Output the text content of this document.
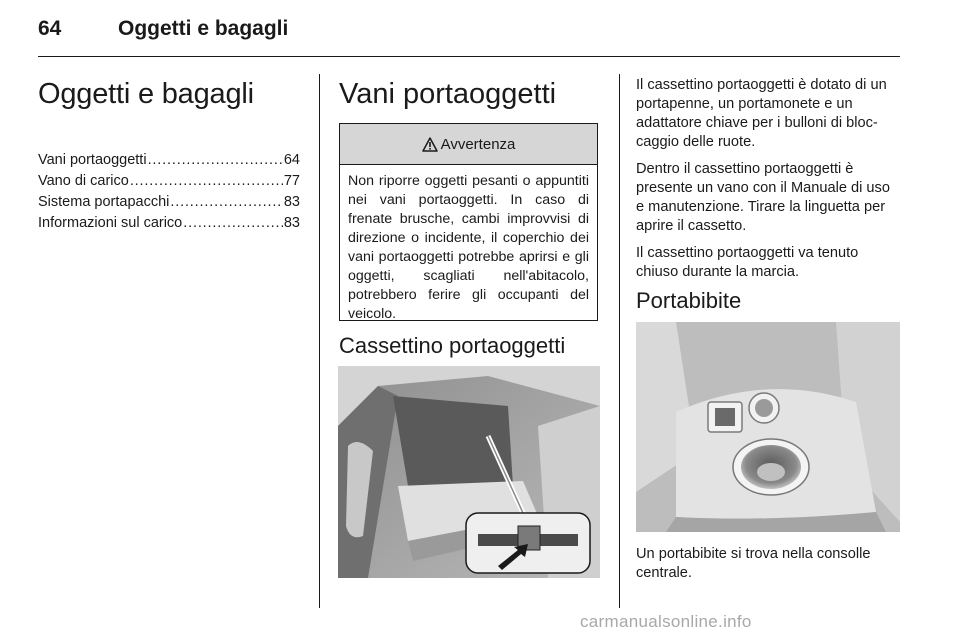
64	Oggetti e bagagli
Oggetti e bagagli
Vani portaoggetti . . .	64
Vano di carico . . .	77
Sistema portapacchi . . .	83
Informazioni sul carico . . .	83
Vani portaoggetti
Avvertenza
Non riporre oggetti pesanti o appuntiti nei vani portaoggetti. In caso di frenate brusche, cambi improvvisi di direzione o incidente, il coperchio dei vani portaoggetti potrebbe aprirsi e gli oggetti, scagliati nell'abitacolo, potrebbero ferire gli occupanti del veicolo.
Cassettino portaoggetti

Il cassettino portaoggetti è dotato di un portapenne, un portamonete e un adattatore chiave per i bulloni di bloccaggio delle ruote.

Dentro il cassettino portaoggetti è presente un vano con il Manuale di uso e manutenzione. Tirare la linguetta per aprire il cassetto.

Il cassettino portaoggetti va tenuto chiuso durante la marcia.

Portabibite

Un portabibite si trova nella consolle centrale.

carmanualsonline.info
